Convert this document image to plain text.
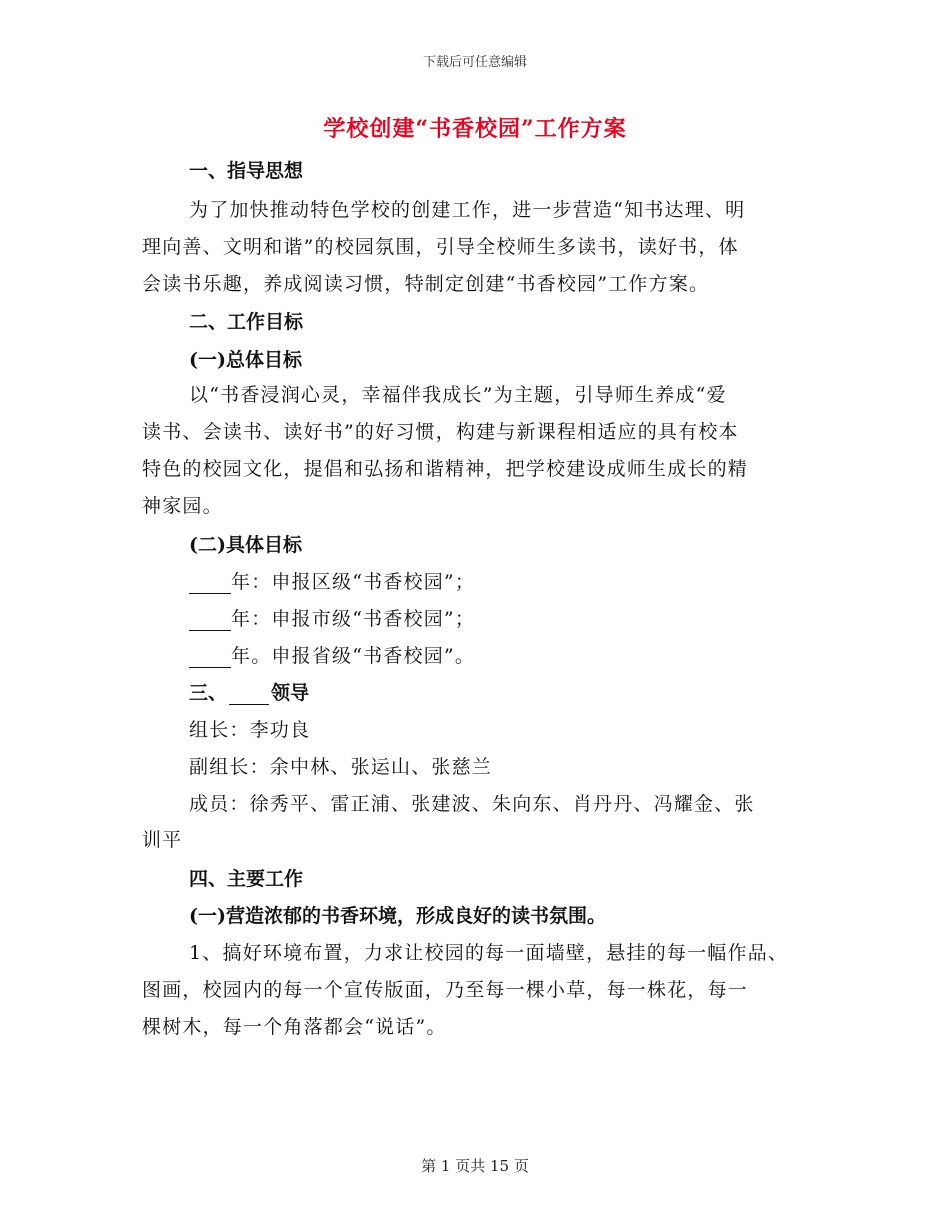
下载后可任意编辑
学校创建“书香校园”工作方案
一、指导思想
为了加快推动特色学校的创建工作，进一步营造“知书达理、明
理向善、文明和谐”的校园氛围，引导全校师生多读书，读好书，体
会读书乐趣，养成阅读习惯，特制定创建“书香校园”工作方案。
二、工作目标
(一)总体目标
以“书香浸润心灵，幸福伴我成长”为主题，引导师生养成“爱
读书、会读书、读好书”的好习惯，构建与新课程相适应的具有校本
特色的校园文化，提倡和弘扬和谐精神，把学校建设成师生成长的精
神家园。
(二)具体目标
年：申报区级“书香校园”；
年：申报市级“书香校园”；
年。申报省级“书香校园”。
三、 领导
组长：李功良
副组长：余中林、张运山、张慈兰
成员：徐秀平、雷正浦、张建波、朱向东、肖丹丹、冯耀金、张
训平
四、主要工作
(一)营造浓郁的书香环境，形成良好的读书氛围。
1、搞好环境布置，力求让校园的每一面墙壁，悬挂的每一幅作品、
图画，校园内的每一个宣传版面，乃至每一棵小草，每一株花，每一
棵树木，每一个角落都会“说话”。
第 1 页共 15 页
